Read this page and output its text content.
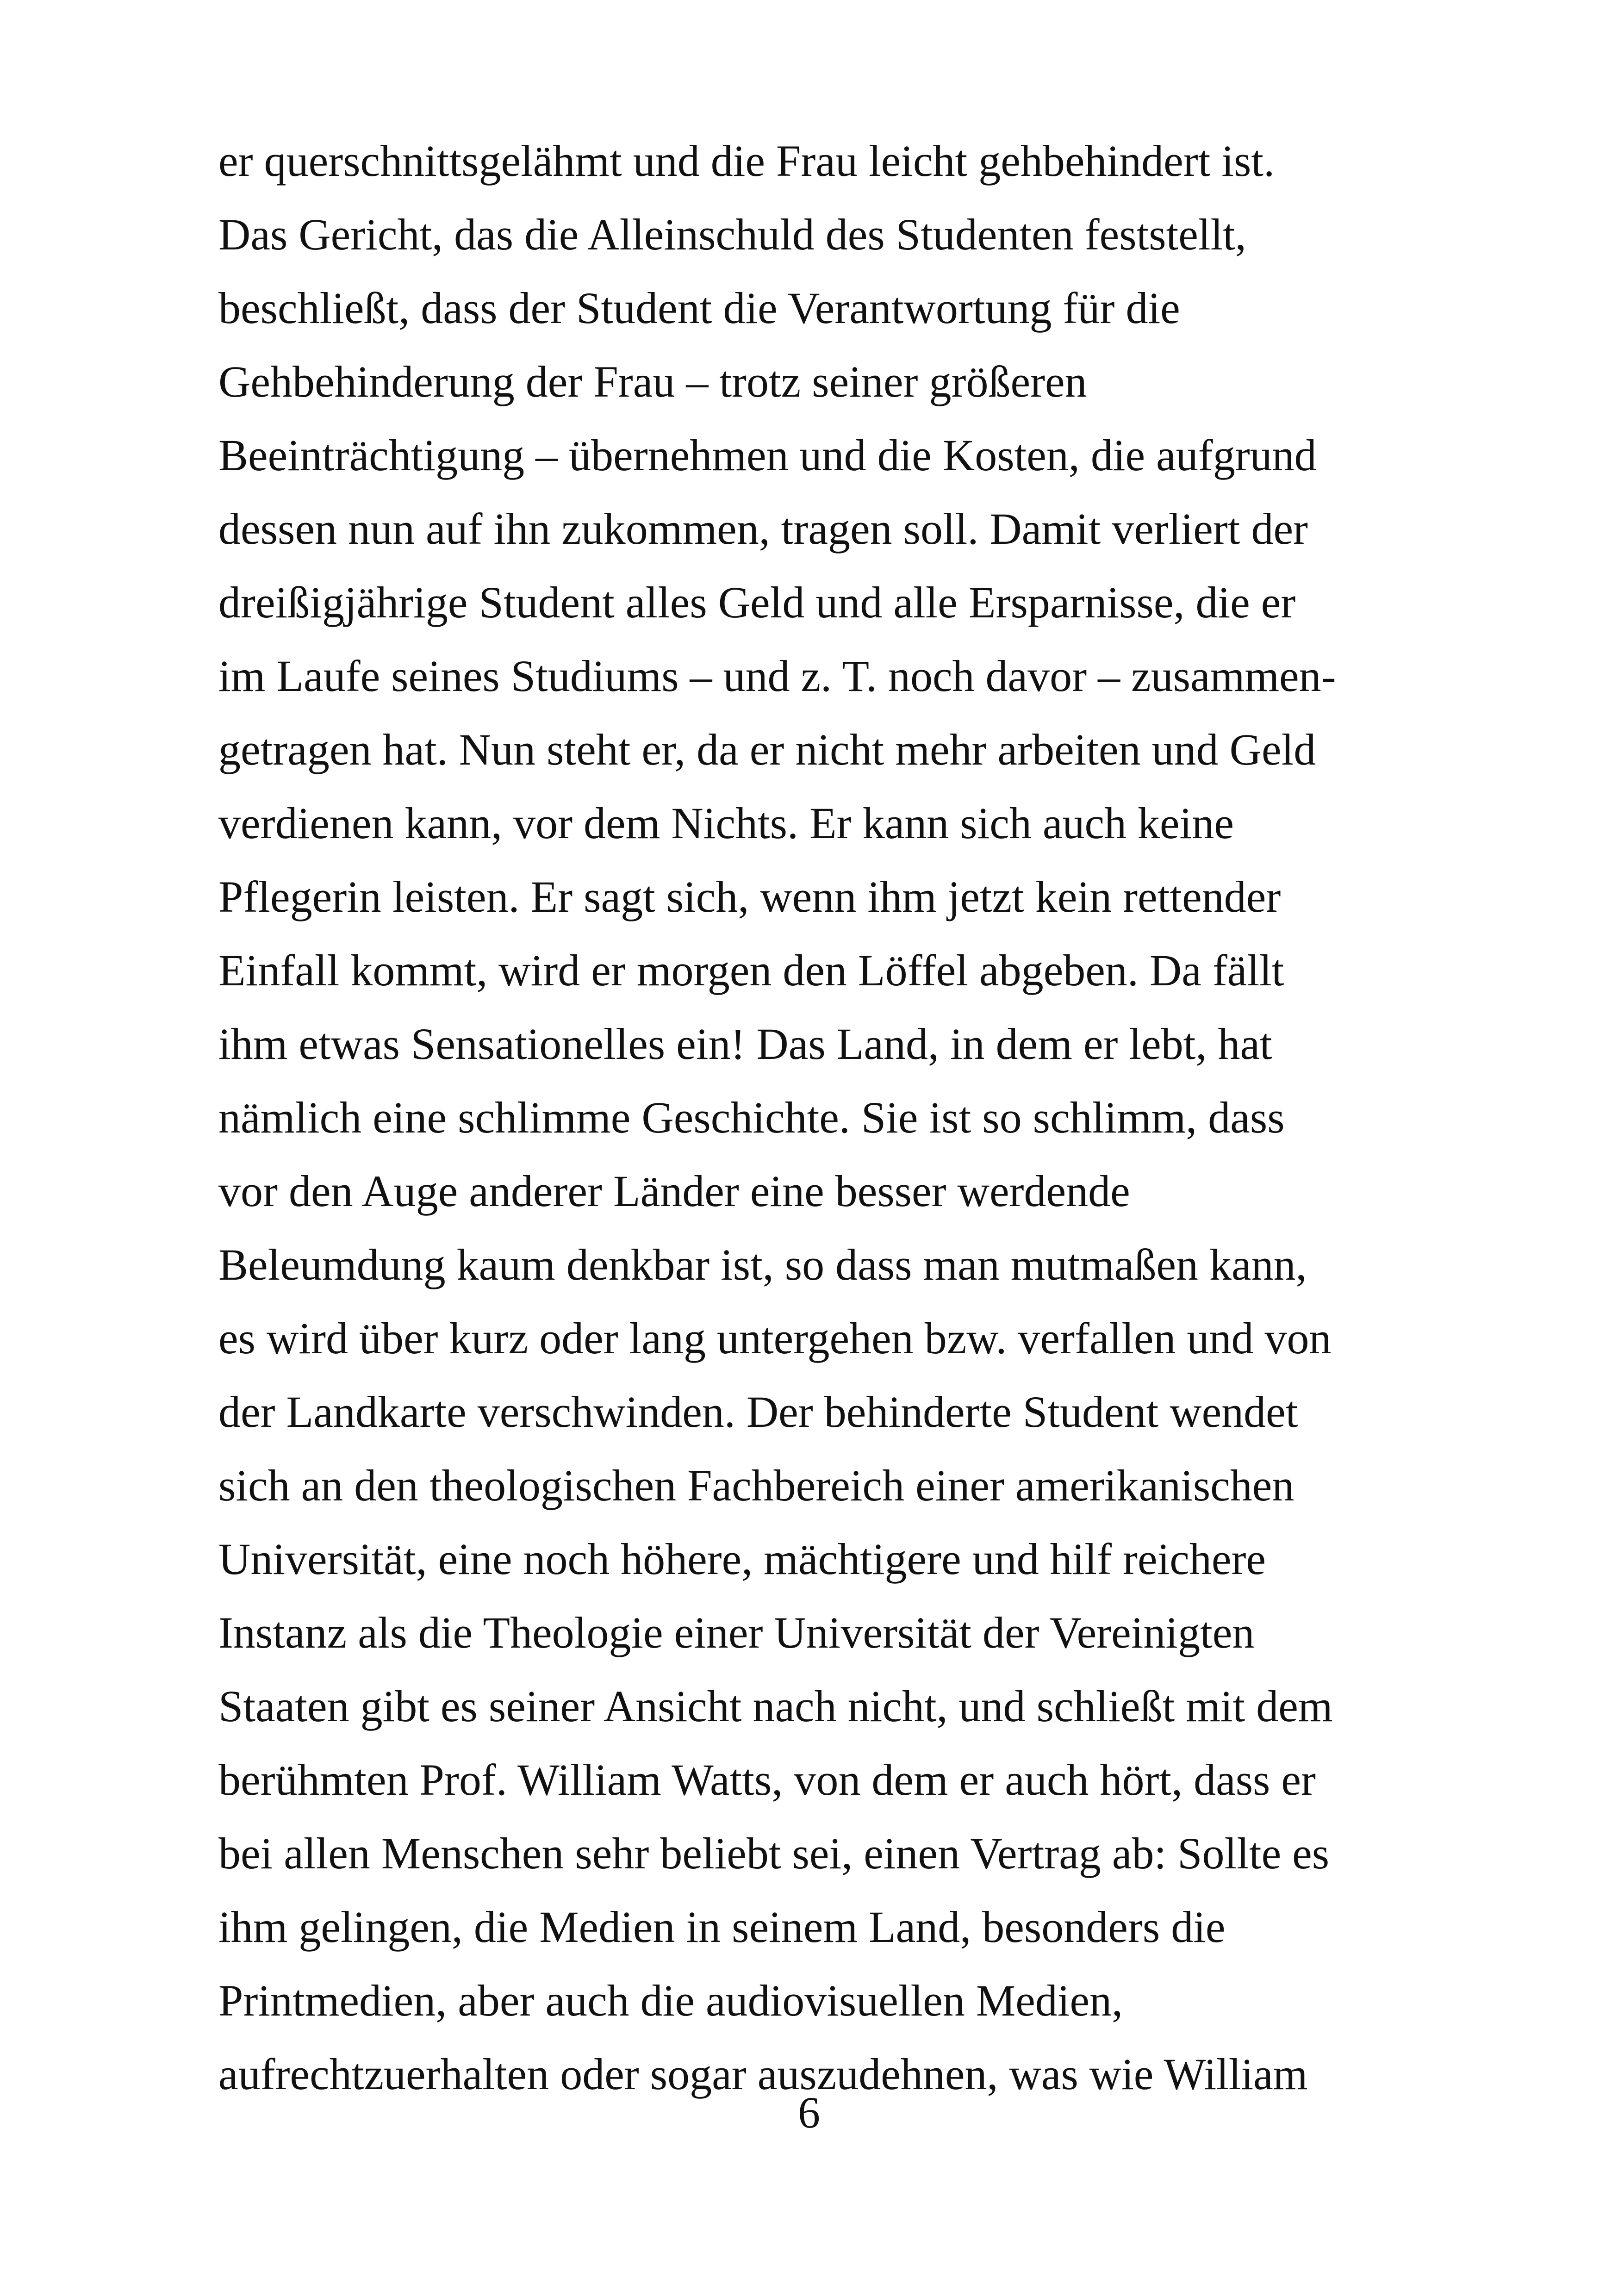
er querschnittsgelähmt und die Frau leicht gehbehindert ist.
Das Gericht, das die Alleinschuld des Studenten feststellt,
beschließt, dass der Student die Verantwortung für die
Gehbehinderung der Frau – trotz seiner größeren
Beeinträchtigung – übernehmen und die Kosten, die aufgrund
dessen nun auf ihn zukommen, tragen soll. Damit verliert der
dreißigjährige Student alles Geld und alle Ersparnisse, die er
im Laufe seines Studiums – und z. T. noch davor – zusammen-
getragen hat. Nun steht er, da er nicht mehr arbeiten und Geld
verdienen kann, vor dem Nichts. Er kann sich auch keine
Pflegerin leisten. Er sagt sich, wenn ihm jetzt kein rettender
Einfall kommt, wird er morgen den Löffel abgeben. Da fällt
ihm etwas Sensationelles ein! Das Land, in dem er lebt, hat
nämlich eine schlimme Geschichte. Sie ist so schlimm, dass
vor den Auge anderer Länder eine besser werdende
Beleumdung kaum denkbar ist, so dass man mutmaßen kann,
es wird über kurz oder lang untergehen bzw. verfallen und von
der Landkarte verschwinden. Der behinderte Student wendet
sich an den theologischen Fachbereich einer amerikanischen
Universität, eine noch höhere, mächtigere und hilf reichere
Instanz als die Theologie einer Universität der Vereinigten
Staaten gibt es seiner Ansicht nach nicht, und schließt mit dem
berühmten Prof. William Watts, von dem er auch hört, dass er
bei allen Menschen sehr beliebt sei, einen Vertrag ab: Sollte es
ihm gelingen, die Medien in seinem Land, besonders die
Printmedien, aber auch die audiovisuellen Medien,
aufrechtzuerhalten oder sogar auszudehnen, was wie William
6
